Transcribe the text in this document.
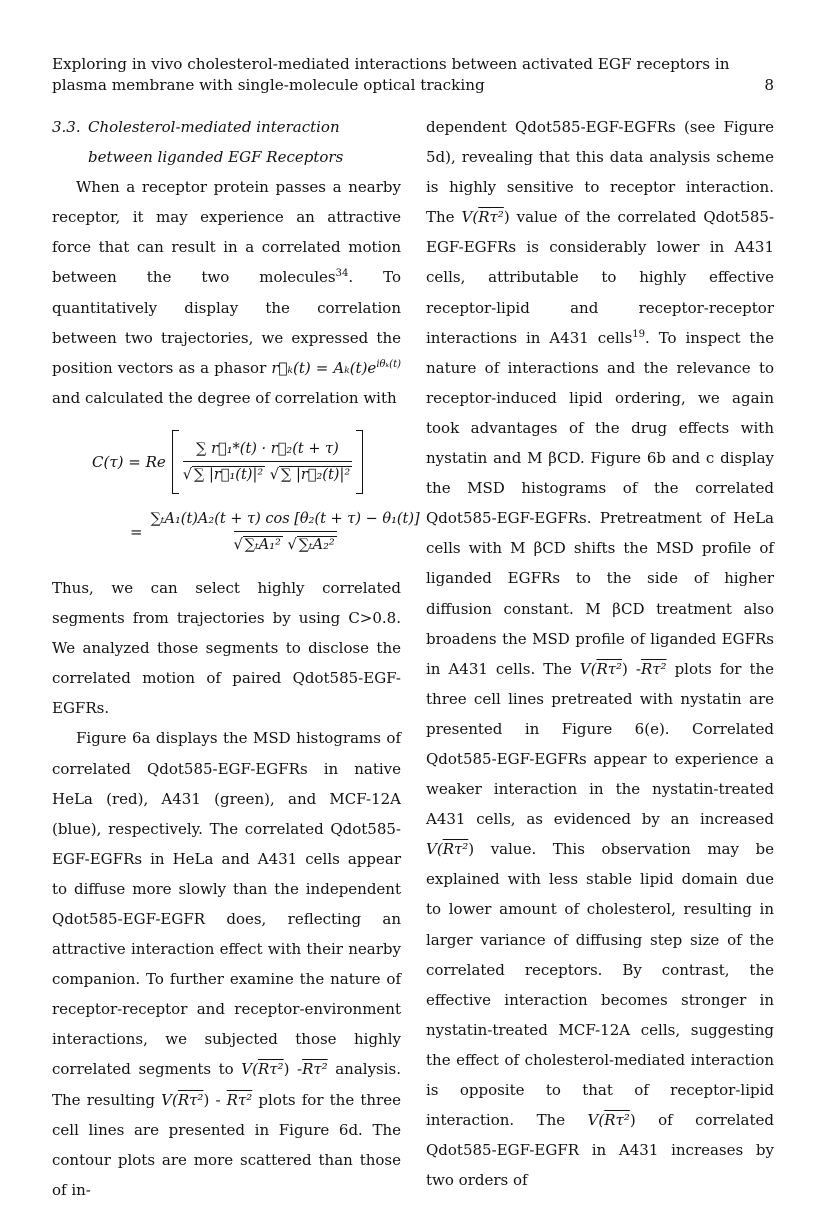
Exploring in vivo cholesterol-mediated interactions between activated EGF receptors in plasma membrane with single-molecule optical tracking	8

3.3. Cholesterol-mediated interaction between liganded EGF Receptors

When a receptor protein passes a nearby receptor, it may experience an attractive force that can result in a correlated motion between the two molecules$^{34}$. To quantitatively display the correlation between two trajectories, we expressed the position vectors as a phasor r⃗ₖ(t) = $A_k(t)e^{i\theta_k(t)}$ and calculated the degree of correlation with

C(τ) = Re $\frac{\text{∑ r⃗₁*(t) · r⃗₂(t + τ)}}{\text{√ ∑ |r⃗₁(t)|² √ ∑ |r⃗₂(t)|²}}$
= $\frac{\text{∑ₜA₁(t)A₂(t + τ) cos [θ₂(t + τ) − θ₁(t)]}}{\text{√ ∑ₜA₁² √ ∑ₜA₂²}}$

Thus, we can select highly correlated segments from trajectories by using C>0.8. We analyzed those segments to disclose the correlated motion of paired Qdot585-EGF-EGFRs.

Figure 6a displays the MSD histograms of correlated Qdot585-EGF-EGFRs in native HeLa (red), A431 (green), and MCF-12A (blue), respectively. The correlated Qdot585-EGF-EGFRs in HeLa and A431 cells appear to diffuse more slowly than the independent Qdot585-EGF-EGFR does, reflecting an attractive interaction effect with their nearby companion. To further examine the nature of receptor-receptor and receptor-environment interactions, we subjected those highly correlated segments to V(Rτ²) -Rτ² analysis. The resulting V(Rτ²) - Rτ² plots for the three cell lines are presented in Figure 6d. The contour plots are more scattered than those of in-

dependent Qdot585-EGF-EGFRs (see Figure 5d), revealing that this data analysis scheme is highly sensitive to receptor interaction. The V(Rτ²) value of the correlated Qdot585-EGF-EGFRs is considerably lower in A431 cells, attributable to highly effective receptor-lipid and receptor-receptor interactions in A431 cells$^{19}$. To inspect the nature of interactions and the relevance to receptor-induced lipid ordering, we again took advantages of the drug effects with nystatin and M βCD. Figure 6b and c display the MSD histograms of the correlated Qdot585-EGF-EGFRs. Pretreatment of HeLa cells with M βCD shifts the MSD profile of liganded EGFRs to the side of higher diffusion constant. M βCD treatment also broadens the MSD profile of liganded EGFRs in A431 cells. The V(Rτ²) -Rτ² plots for the three cell lines pretreated with nystatin are presented in Figure 6(e). Correlated Qdot585-EGF-EGFRs appear to experience a weaker interaction in the nystatin-treated A431 cells, as evidenced by an increased V(Rτ²) value. This observation may be explained with less stable lipid domain due to lower amount of cholesterol, resulting in larger variance of diffusing step size of the correlated receptors. By contrast, the effective interaction becomes stronger in nystatin-treated MCF-12A cells, suggesting the effect of cholesterol-mediated interaction is opposite to that of receptor-lipid interaction. The V(Rτ²) of correlated Qdot585-EGF-EGFR in A431 increases by two orders of
